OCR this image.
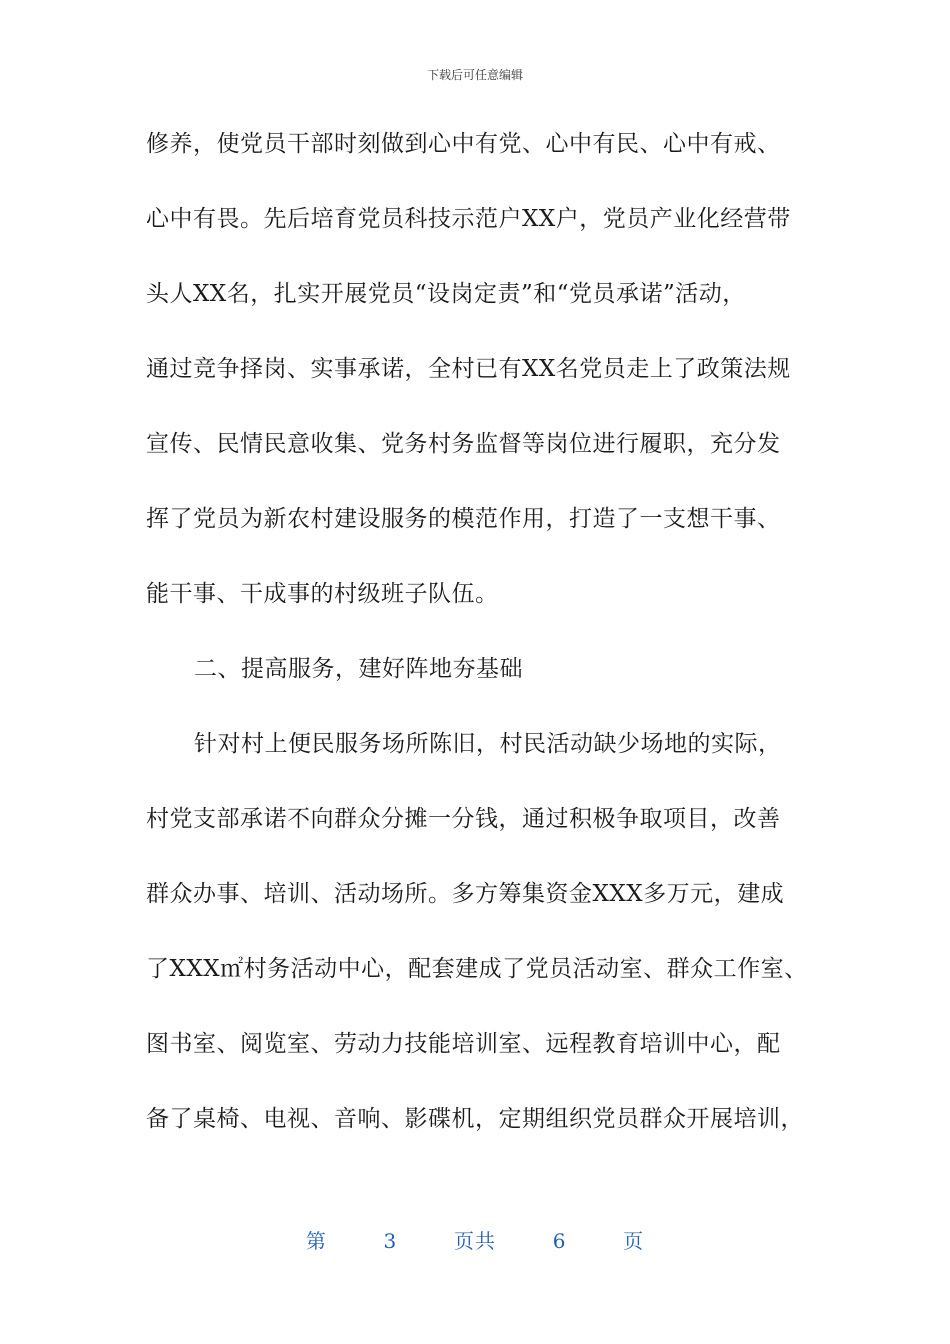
下载后可任意编辑
修养，使党员干部时刻做到心中有党、心中有民、心中有戒、
心中有畏。先后培育党员科技示范户XX户，党员产业化经营带
头人XX名，扎实开展党员“设岗定责”和“党员承诺”活动，
通过竞争择岗、实事承诺，全村已有XX名党员走上了政策法规
宣传、民情民意收集、党务村务监督等岗位进行履职，充分发
挥了党员为新农村建设服务的模范作用，打造了一支想干事、
能干事、干成事的村级班子队伍。
二、提高服务，建好阵地夯基础
针对村上便民服务场所陈旧，村民活动缺少场地的实际，
村党支部承诺不向群众分摊一分钱，通过积极争取项目，改善
群众办事、培训、活动场所。多方筹集资金XXX多万元，建成
了XXX㎡村务活动中心，配套建成了党员活动室、群众工作室、
图书室、阅览室、劳动力技能培训室、远程教育培训中心，配
备了桌椅、电视、音响、影碟机，定期组织党员群众开展培训，
第	3	页共	6	页
